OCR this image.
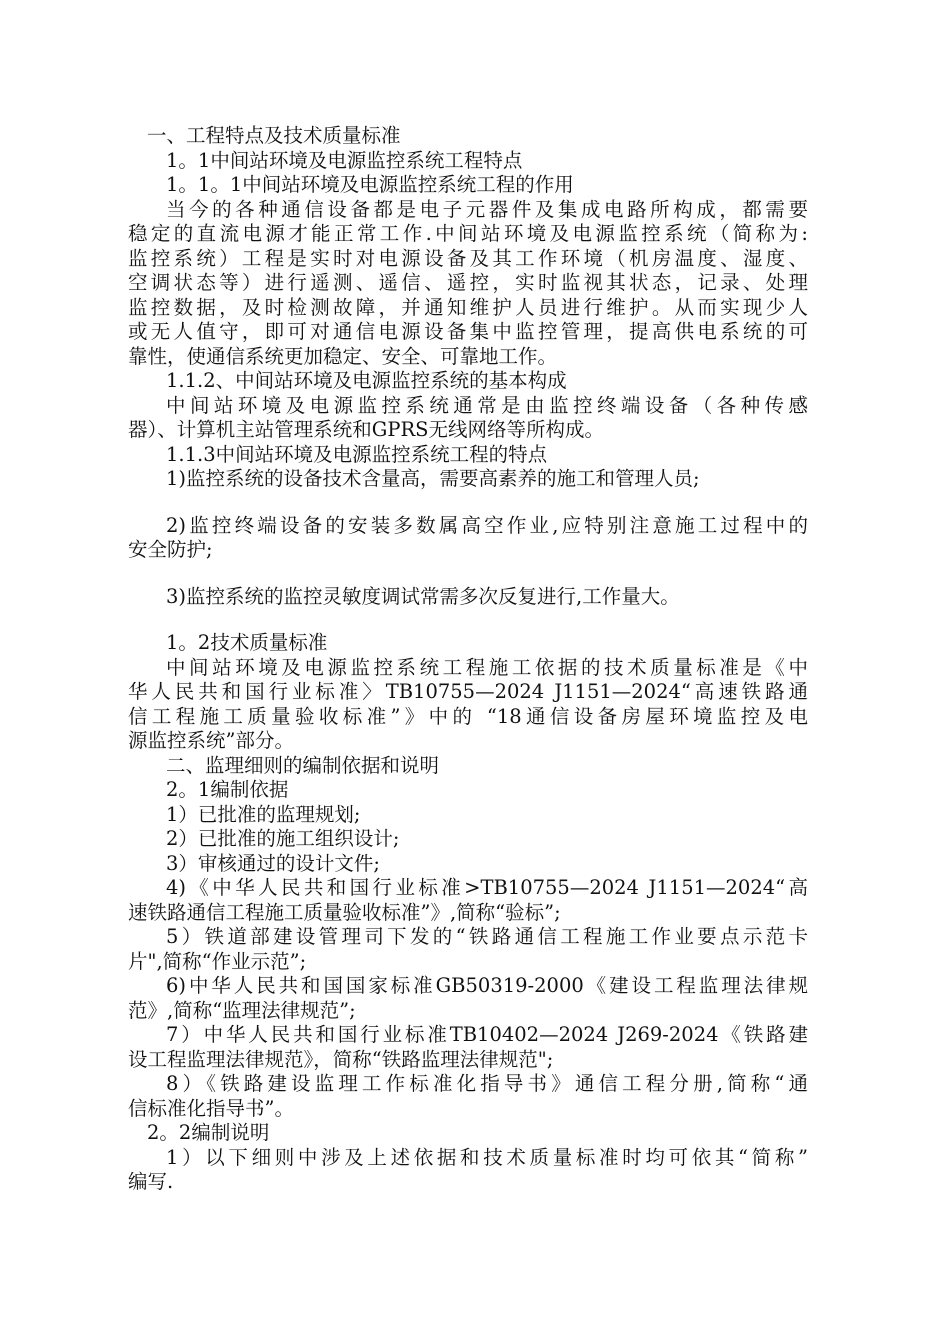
一、工程特点及技术质量标准
1。1中间站环境及电源监控系统工程特点
1。1。1中间站环境及电源监控系统工程的作用
当今的各种通信设备都是电子元器件及集成电路所构成，都需要
稳定的直流电源才能正常工作.中间站环境及电源监控系统（简称为:
监控系统）工程是实时对电源设备及其工作环境（机房温度、湿度、
空调状态等）进行遥测、遥信、遥控，实时监视其状态，记录、处理
监控数据，及时检测故障，并通知维护人员进行维护。从而实现少人
或无人值守，即可对通信电源设备集中监控管理，提高供电系统的可
靠性，使通信系统更加稳定、安全、可靠地工作。
1.1.2、中间站环境及电源监控系统的基本构成
中间站环境及电源监控系统通常是由监控终端设备（各种传感
器）、计算机主站管理系统和GPRS无线网络等所构成。
1.1.3中间站环境及电源监控系统工程的特点
1)监控系统的设备技术含量高，需要高素养的施工和管理人员;
2)监控终端设备的安装多数属高空作业,应特别注意施工过程中的
安全防护;
3)监控系统的监控灵敏度调试常需多次反复进行,工作量大。
1。2技术质量标准
中间站环境及电源监控系统工程施工依据的技术质量标准是《中
华人民共和国行业标准〉TB10755—2024 J1151—2024“高速铁路通
信工程施工质量验收标准”》中的 “18通信设备房屋环境监控及电
源监控系统”部分。
二、监理细则的编制依据和说明
2。1编制依据
1）已批准的监理规划;
2）已批准的施工组织设计;
3）审核通过的设计文件;
4)《中华人民共和国行业标准>TB10755—2024 J1151—2024“高
速铁路通信工程施工质量验收标准”》,简称“验标”;
5）铁道部建设管理司下发的“铁路通信工程施工作业要点示范卡
片",简称“作业示范”;
6)中华人民共和国国家标准GB50319-2000《建设工程监理法律规
范》,简称“监理法律规范”;
7）中华人民共和国行业标准TB10402—2024 J269-2024《铁路建
设工程监理法律规范》，简称“铁路监理法律规范";
8）《铁路建设监理工作标准化指导书》通信工程分册,简称“通
信标准化指导书”。
2。2编制说明
1）以下细则中涉及上述依据和技术质量标准时均可依其“简称”
编写.
